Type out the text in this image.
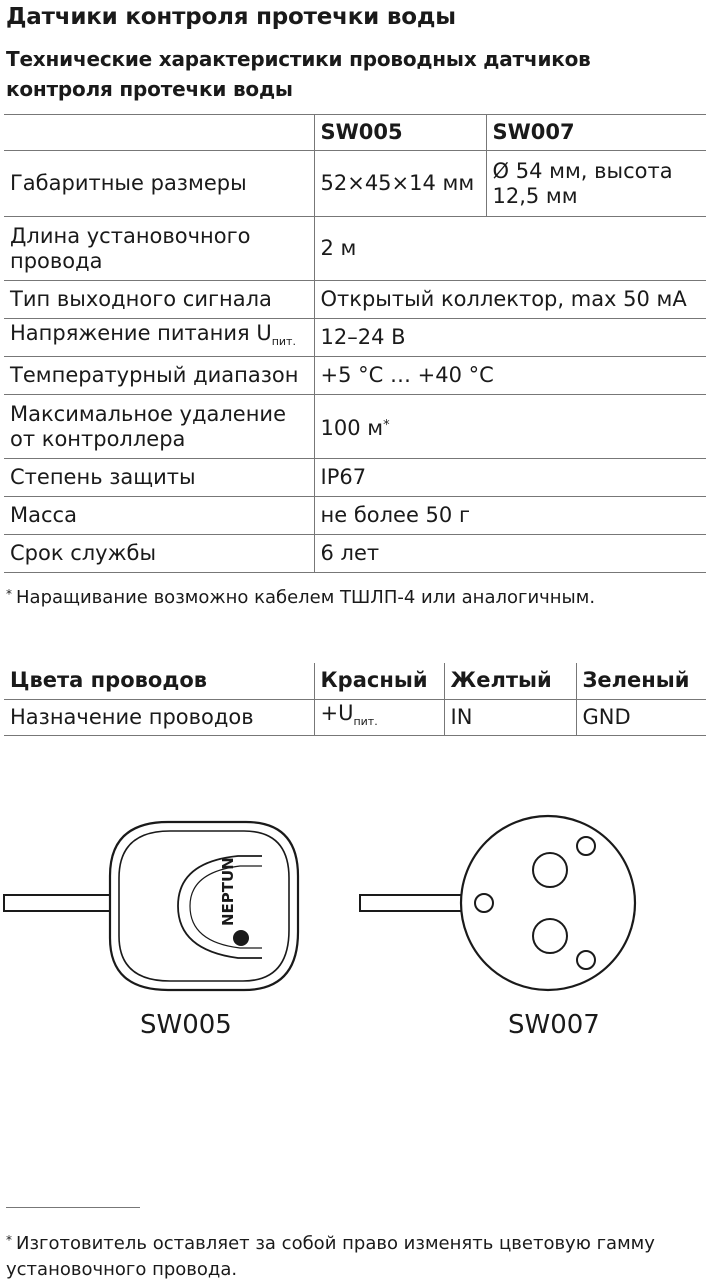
Датчики контроля протечки воды
Технические характеристики проводных датчиков контроля протечки воды
	SW005	SW007
Габаритные размеры	52×45×14 мм	Ø 54 мм, высота 12,5 мм
Длина установочного провода	2 м	
Тип выходного сигнала	Открытый коллектор, max 50 мА	
Напряжение питания $U_{пит.}$	12–24 В	
Температурный диапазон	+5 °C … +40 °C	
Максимальное удаление от контроллера	100 м*
Степень защиты	IP67	
Масса	не более 50 г	
Срок службы	6 лет	
* Наращивание возможно кабелем ТШЛП-4 или аналогичным.
Цвета проводов	Красный	Желтый	Зеленый
Назначение проводов	$+U_{пит.}$	IN	GND
NEPTUN
SW005	SW007
* Изготовитель оставляет за собой право изменять цветовую гамму установочного провода.
